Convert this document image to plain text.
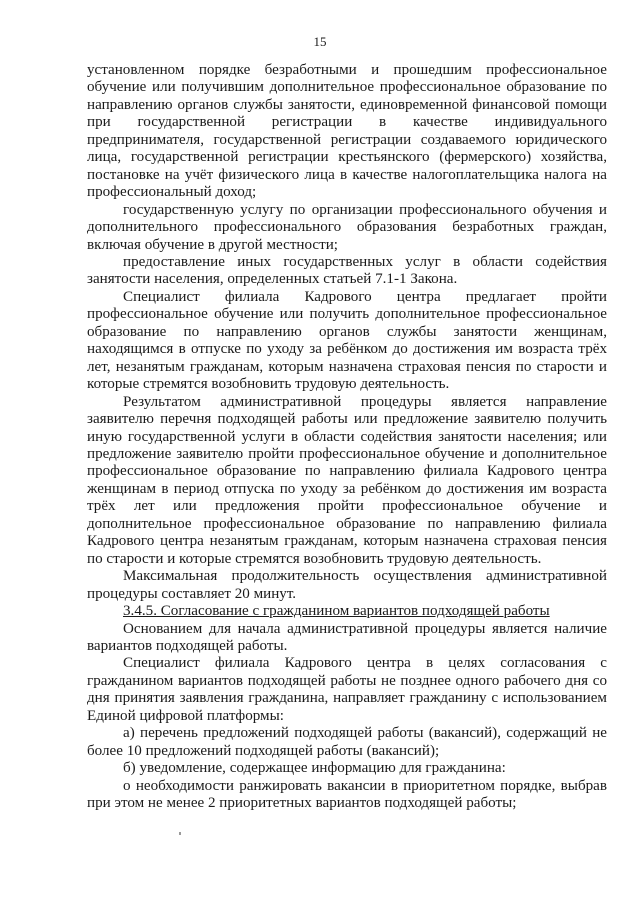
15

установленном порядке безработными и прошедшим профессиональное обучение или получившим дополнительное профессиональное образование по направлению органов службы занятости, единовременной финансовой помощи при государственной регистрации в качестве индивидуального предпринимателя, государственной регистрации создаваемого юридического лица, государственной регистрации крестьянского (фермерского) хозяйства, постановке на учёт физического лица в качестве налогоплательщика налога на профессиональный доход;

государственную услугу по организации профессионального обучения и дополнительного профессионального образования безработных граждан, включая обучение в другой местности;

предоставление иных государственных услуг в области содействия занятости населения, определенных статьей 7.1-1 Закона.

Специалист филиала Кадрового центра предлагает пройти профессиональное обучение или получить дополнительное профессиональное образование по направлению органов службы занятости женщинам, находящимся в отпуске по уходу за ребёнком до достижения им возраста трёх лет, незанятым гражданам, которым назначена страховая пенсия по старости и которые стремятся возобновить трудовую деятельность.

Результатом административной процедуры является направление заявителю перечня подходящей работы или предложение заявителю получить иную государственной услуги в области содействия занятости населения; или предложение заявителю пройти профессиональное обучение и дополнительное профессиональное образование по направлению филиала Кадрового центра женщинам в период отпуска по уходу за ребёнком до достижения им возраста трёх лет или предложения пройти профессиональное обучение и дополнительное профессиональное образование по направлению филиала Кадрового центра незанятым гражданам, которым назначена страховая пенсия по старости и которые стремятся возобновить трудовую деятельность.

Максимальная продолжительность осуществления административной процедуры составляет 20 минут.

3.4.5. Согласование с гражданином вариантов подходящей работы

Основанием для начала административной процедуры является наличие вариантов подходящей работы.

Специалист филиала Кадрового центра в целях согласования с гражданином вариантов подходящей работы не позднее одного рабочего дня со дня принятия заявления гражданина, направляет гражданину с использованием Единой цифровой платформы:

а) перечень предложений подходящей работы (вакансий), содержащий не более 10 предложений подходящей работы (вакансий);

б) уведомление, содержащее информацию для гражданина:

о необходимости ранжировать вакансии в приоритетном порядке, выбрав при этом не менее 2 приоритетных вариантов подходящей работы;
